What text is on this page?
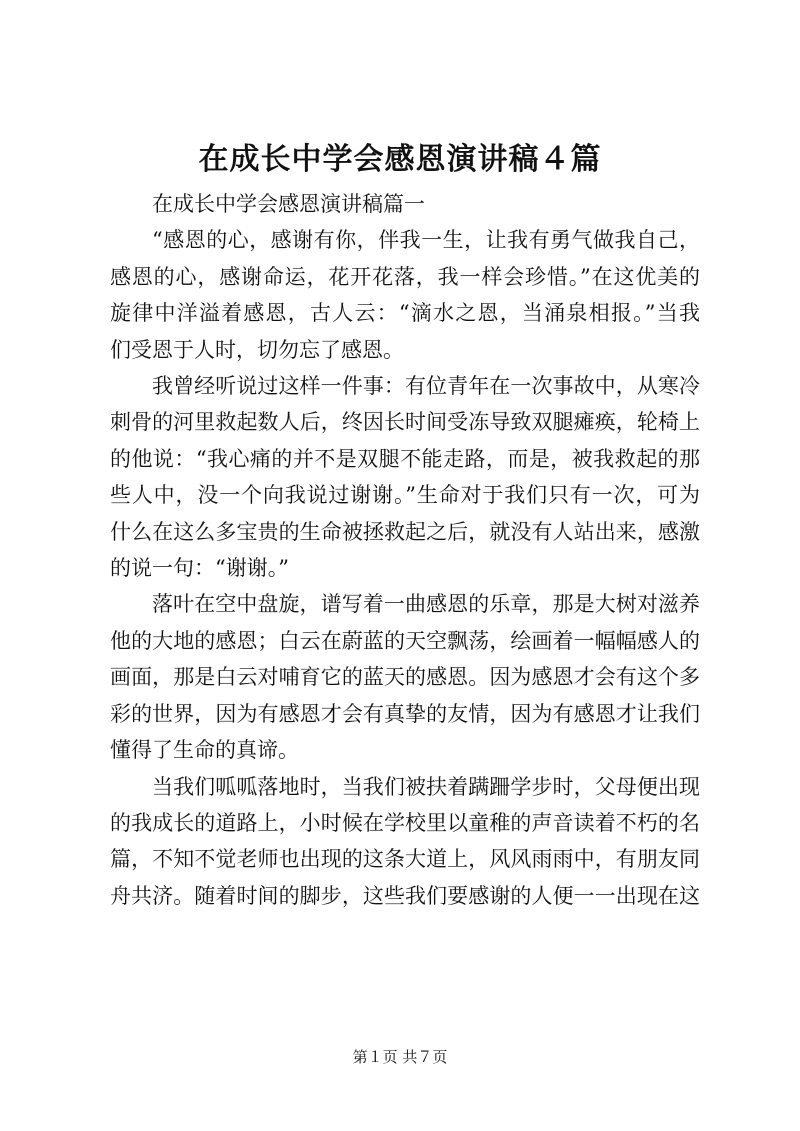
在成长中学会感恩演讲稿４篇
在成长中学会感恩演讲稿篇一
“感恩的心，感谢有你，伴我一生，让我有勇气做我自己，
感恩的心，感谢命运，花开花落，我一样会珍惜。”在这优美的
旋律中洋溢着感恩，古人云：“滴水之恩，当涌泉相报。”当我
们受恩于人时，切勿忘了感恩。
我曾经听说过这样一件事：有位青年在一次事故中，从寒冷
刺骨的河里救起数人后，终因长时间受冻导致双腿瘫痪，轮椅上
的他说：“我心痛的并不是双腿不能走路，而是，被我救起的那
些人中，没一个向我说过谢谢。”生命对于我们只有一次，可为
什么在这么多宝贵的生命被拯救起之后，就没有人站出来，感激
的说一句：“谢谢。”
落叶在空中盘旋，谱写着一曲感恩的乐章，那是大树对滋养
他的大地的感恩；白云在蔚蓝的天空飘荡，绘画着一幅幅感人的
画面，那是白云对哺育它的蓝天的感恩。因为感恩才会有这个多
彩的世界，因为有感恩才会有真挚的友情，因为有感恩才让我们
懂得了生命的真谛。
当我们呱呱落地时，当我们被扶着蹒跚学步时，父母便出现
的我成长的道路上，小时候在学校里以童稚的声音读着不朽的名
篇，不知不觉老师也出现的这条大道上，风风雨雨中，有朋友同
舟共济。随着时间的脚步，这些我们要感谢的人便一一出现在这
第１页 共７页
